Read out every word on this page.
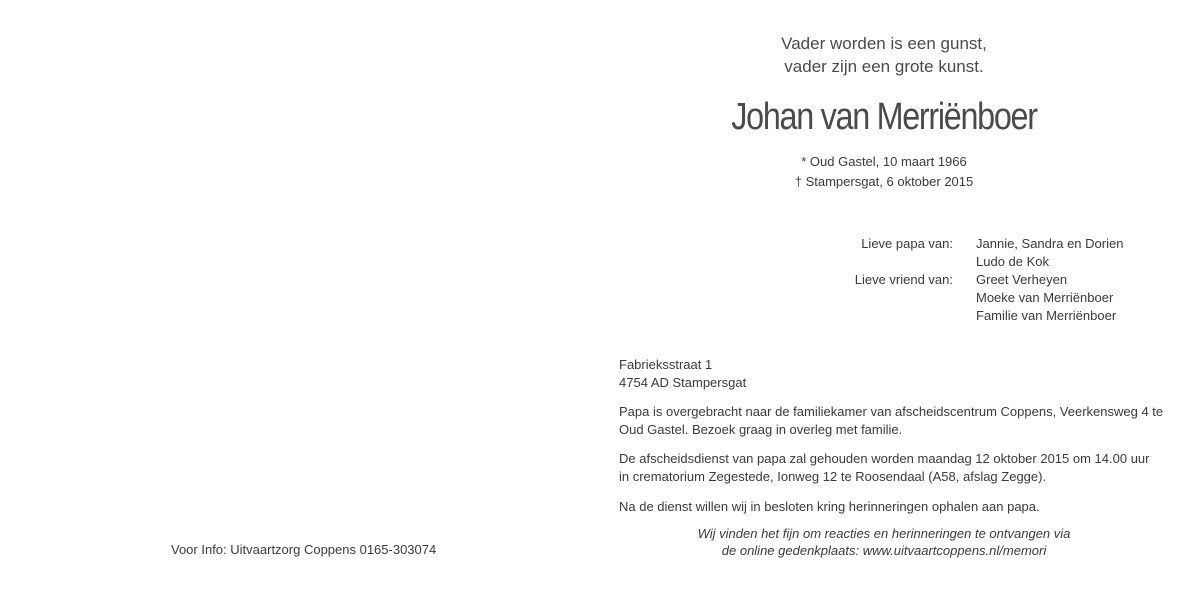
Vader worden is een gunst,
vader zijn een grote kunst.
Johan van Merriënboer
* Oud Gastel, 10 maart 1966
† Stampersgat, 6 oktober 2015
Lieve papa van: Jannie, Sandra en Dorien
Ludo de Kok
Lieve vriend van: Greet Verheyen
Moeke van Merriënboer
Familie van Merriënboer
Fabrieksstraat 1
4754 AD Stampersgat
Papa is overgebracht naar de familiekamer van afscheidscentrum Coppens, Veerkensweg 4 te
Oud Gastel. Bezoek graag in overleg met familie.
De afscheidsdienst van papa zal gehouden worden maandag 12 oktober 2015 om 14.00 uur
in crematorium Zegestede, Ionweg 12 te Roosendaal (A58, afslag Zegge).
Na de dienst willen wij in besloten kring herinneringen ophalen aan papa.
Wij vinden het fijn om reacties en herinneringen te ontvangen via
de online gedenkplaats: www.uitvaartcoppens.nl/memori
Voor Info: Uitvaartzorg Coppens 0165-303074
